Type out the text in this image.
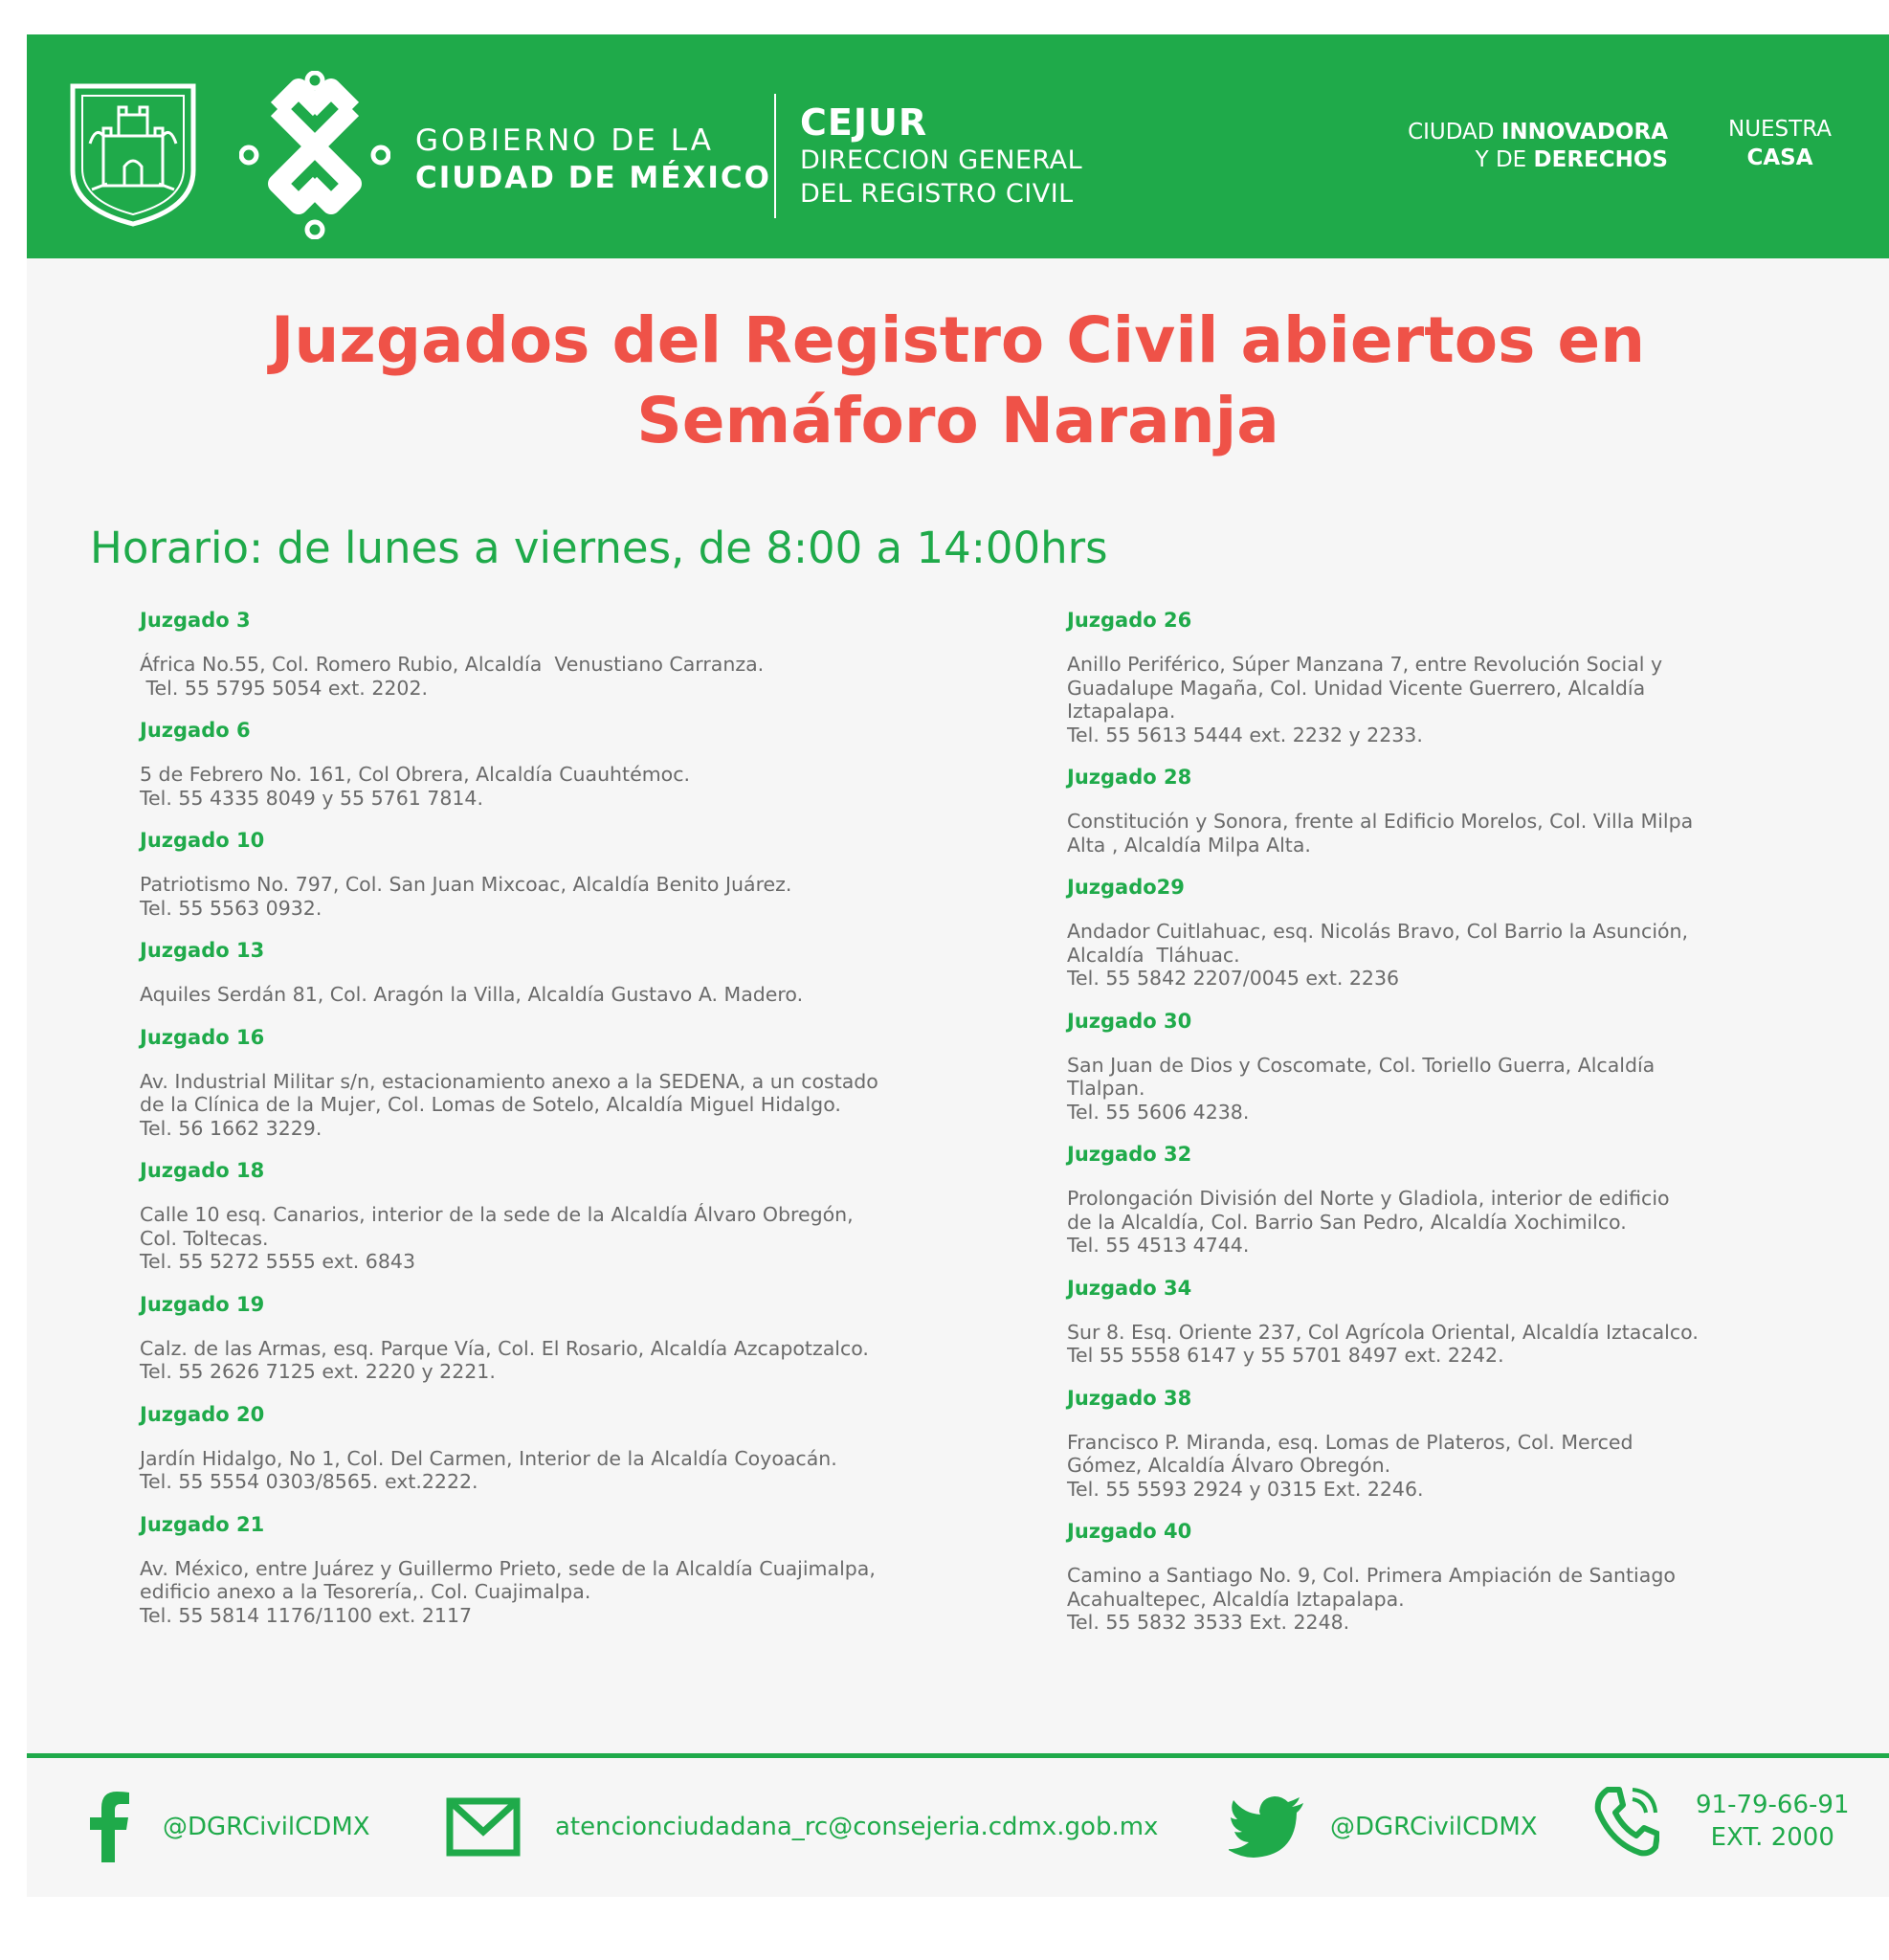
GOBIERNO DE LA
CIUDAD DE MÉXICO
CEJUR
DIRECCION GENERAL
DEL REGISTRO CIVIL
CIUDAD INNOVADORA
Y DE DERECHOS
NUESTRA
CASA
Juzgados del Registro Civil abiertos en
Semáforo Naranja
Horario: de lunes a viernes, de 8:00 a 14:00hrs
Juzgado 3
África No.55, Col. Romero Rubio, Alcaldía  Venustiano Carranza.
Tel. 55 5795 5054 ext. 2202.
Juzgado 6
5 de Febrero No. 161, Col Obrera, Alcaldía Cuauhtémoc.
Tel. 55 4335 8049 y 55 5761 7814.
Juzgado 10
Patriotismo No. 797, Col. San Juan Mixcoac, Alcaldía Benito Juárez.
Tel. 55 5563 0932.
Juzgado 13
Aquiles Serdán 81, Col. Aragón la Villa, Alcaldía Gustavo A. Madero.
Juzgado 16
Av. Industrial Militar s/n, estacionamiento anexo a la SEDENA, a un costado
de la Clínica de la Mujer, Col. Lomas de Sotelo, Alcaldía Miguel Hidalgo.
Tel. 56 1662 3229.
Juzgado 18
Calle 10 esq. Canarios, interior de la sede de la Alcaldía Álvaro Obregón,
Col. Toltecas.
Tel. 55 5272 5555 ext. 6843
Juzgado 19
Calz. de las Armas, esq. Parque Vía, Col. El Rosario, Alcaldía Azcapotzalco.
Tel. 55 2626 7125 ext. 2220 y 2221.
Juzgado 20
Jardín Hidalgo, No 1, Col. Del Carmen, Interior de la Alcaldía Coyoacán.
Tel. 55 5554 0303/8565. ext.2222.
Juzgado 21
Av. México, entre Juárez y Guillermo Prieto, sede de la Alcaldía Cuajimalpa,
edificio anexo a la Tesorería,. Col. Cuajimalpa.
Tel. 55 5814 1176/1100 ext. 2117
Juzgado 26
Anillo Periférico, Súper Manzana 7, entre Revolución Social y
Guadalupe Magaña, Col. Unidad Vicente Guerrero, Alcaldía
Iztapalapa.
Tel. 55 5613 5444 ext. 2232 y 2233.
Juzgado 28
Constitución y Sonora, frente al Edificio Morelos, Col. Villa Milpa
Alta , Alcaldía Milpa Alta.
Juzgado29
Andador Cuitlahuac, esq. Nicolás Bravo, Col Barrio la Asunción,
Alcaldía  Tláhuac.
Tel. 55 5842 2207/0045 ext. 2236
Juzgado 30
San Juan de Dios y Coscomate, Col. Toriello Guerra, Alcaldía
Tlalpan.
Tel. 55 5606 4238.
Juzgado 32
Prolongación División del Norte y Gladiola, interior de edificio
de la Alcaldía, Col. Barrio San Pedro, Alcaldía Xochimilco.
Tel. 55 4513 4744.
Juzgado 34
Sur 8. Esq. Oriente 237, Col Agrícola Oriental, Alcaldía Iztacalco.
Tel 55 5558 6147 y 55 5701 8497 ext. 2242.
Juzgado 38
Francisco P. Miranda, esq. Lomas de Plateros, Col. Merced
Gómez, Alcaldía Álvaro Obregón.
Tel. 55 5593 2924 y 0315 Ext. 2246.
Juzgado 40
Camino a Santiago No. 9, Col. Primera Ampiación de Santiago
Acahualtepec, Alcaldía Iztapalapa.
Tel. 55 5832 3533 Ext. 2248.
@DGRCivilCDMX	atencionciudadana_rc@consejeria.cdmx.gob.mx	@DGRCivilCDMX
91-79-66-91
EXT. 2000
